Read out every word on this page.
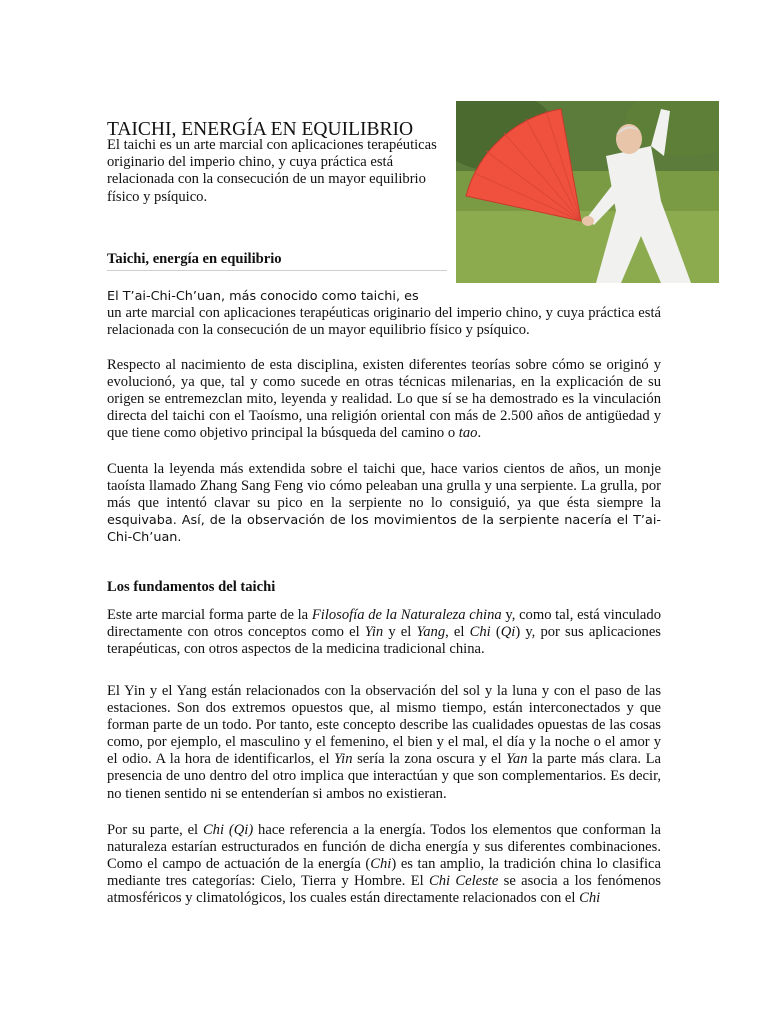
TAICHI, ENERGÍA EN EQUILIBRIO

El taichi es un arte marcial con aplicaciones terapéuticas originario del imperio chino, y cuya práctica está relacionada con la consecución de un mayor equilibrio físico y psíquico.

Taichi, energía en equilibrio
El T’ai-Chi-Ch’uan, más conocido como taichi, es

un arte marcial con aplicaciones terapéuticas originario del imperio chino, y cuya práctica está relacionada con la consecución de un mayor equilibrio físico y psíquico.

Respecto al nacimiento de esta disciplina, existen diferentes teorías sobre cómo se originó y evolucionó, ya que, tal y como sucede en otras técnicas milenarias, en la explicación de su origen se entremezclan mito, leyenda y realidad. Lo que sí se ha demostrado es la vinculación directa del taichi con el Taoísmo, una religión oriental con más de 2.500 años de antigüedad y que tiene como objetivo principal la búsqueda del camino o tao.

Cuenta la leyenda más extendida sobre el taichi que, hace varios cientos de años, un monje taoísta llamado Zhang Sang Feng vio cómo peleaban una grulla y una serpiente. La grulla, por más que intentó clavar su pico en la serpiente no lo consiguió, ya que ésta siempre la esquivaba. Así, de la observación de los movimientos de la serpiente nacería el T’ai-Chi-Ch’uan.

Los fundamentos del taichi

Este arte marcial forma parte de la Filosofía de la Naturaleza china y, como tal, está vinculado directamente con otros conceptos como el Yin y el Yang, el Chi (Qi) y, por sus aplicaciones terapéuticas, con otros aspectos de la medicina tradicional china.

El Yin y el Yang están relacionados con la observación del sol y la luna y con el paso de las estaciones. Son dos extremos opuestos que, al mismo tiempo, están interconectados y que forman parte de un todo. Por tanto, este concepto describe las cualidades opuestas de las cosas como, por ejemplo, el masculino y el femenino, el bien y el mal, el día y la noche o el amor y el odio. A la hora de identificarlos, el Yin sería la zona oscura y el Yan la parte más clara. La presencia de uno dentro del otro implica que interactúan y que son complementarios. Es decir, no tienen sentido ni se entenderían si ambos no existieran.

Por su parte, el Chi (Qi) hace referencia a la energía. Todos los elementos que conforman la naturaleza estarían estructurados en función de dicha energía y sus diferentes combinaciones. Como el campo de actuación de la energía (Chi) es tan amplio, la tradición china lo clasifica mediante tres categorías: Cielo, Tierra y Hombre. El Chi Celeste se asocia a los fenómenos atmosféricos y climatológicos, los cuales están directamente relacionados con el Chi
